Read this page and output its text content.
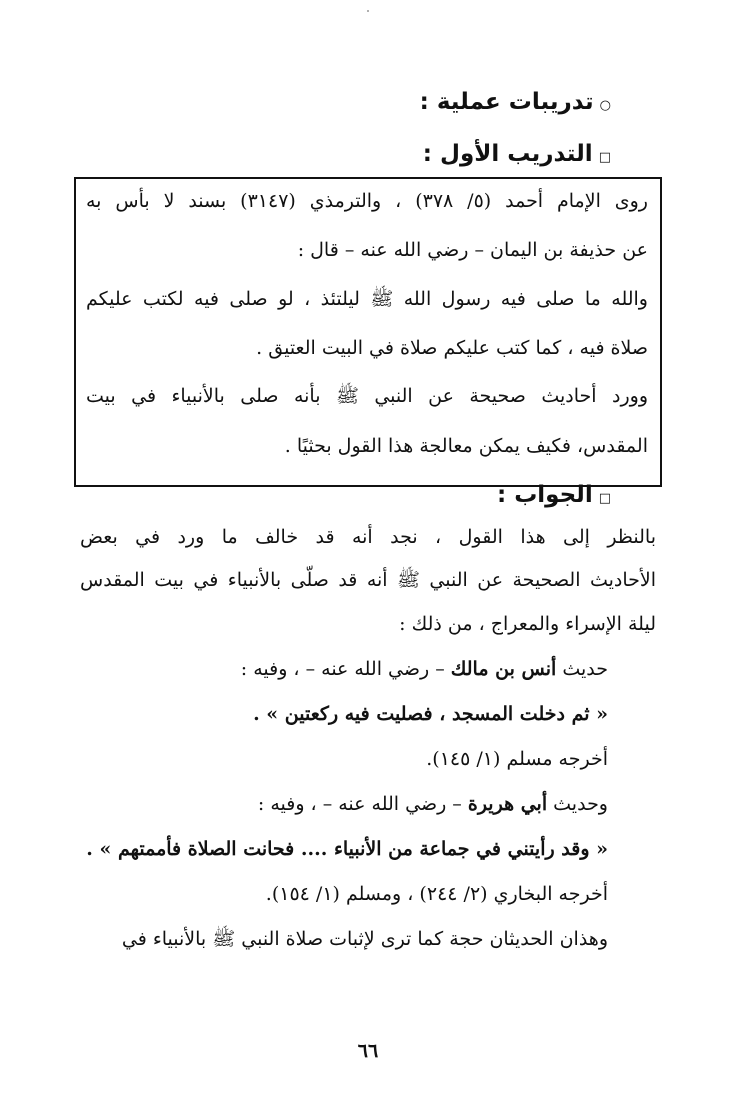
○تدريبات عملية :
□التدريب الأول :
روى الإمام أحمد (٥/ ٣٧٨) ، والترمذي (٣١٤٧) بسند لا بأس به
عن حذيفة بن اليمان – رضي الله عنه – قال :
والله ما صلى فيه رسول الله ﷺ ليلتئذ ، لو صلى فيه لكتب عليكم
صلاة فيه ، كما كتب عليكم صلاة في البيت العتيق .
وورد أحاديث صحيحة عن النبي ﷺ بأنه صلى بالأنبياء في بيت
المقدس، فكيف يمكن معالجة هذا القول بحثيًا .
□الجواب :
بالنظر إلى هذا القول ، نجد أنه قد خالف ما ورد في بعض
الأحاديث الصحيحة عن النبي ﷺ أنه قد صلّى بالأنبياء في بيت المقدس
ليلة الإسراء والمعراج ، من ذلك :
حديث أنس بن مالك – رضي الله عنه – ، وفيه :
« ثم دخلت المسجد ، فصليت فيه ركعتين » .
أخرجه مسلم (١/ ١٤٥).
وحديث أبي هريرة – رضي الله عنه – ، وفيه :
« وقد رأيتني في جماعة من الأنبياء .... فحانت الصلاة فأممتهم » .
أخرجه البخاري (٢/ ٢٤٤) ، ومسلم (١/ ١٥٤).
وهذان الحديثان حجة كما ترى لإثبات صلاة النبي ﷺ بالأنبياء في
٦٦
